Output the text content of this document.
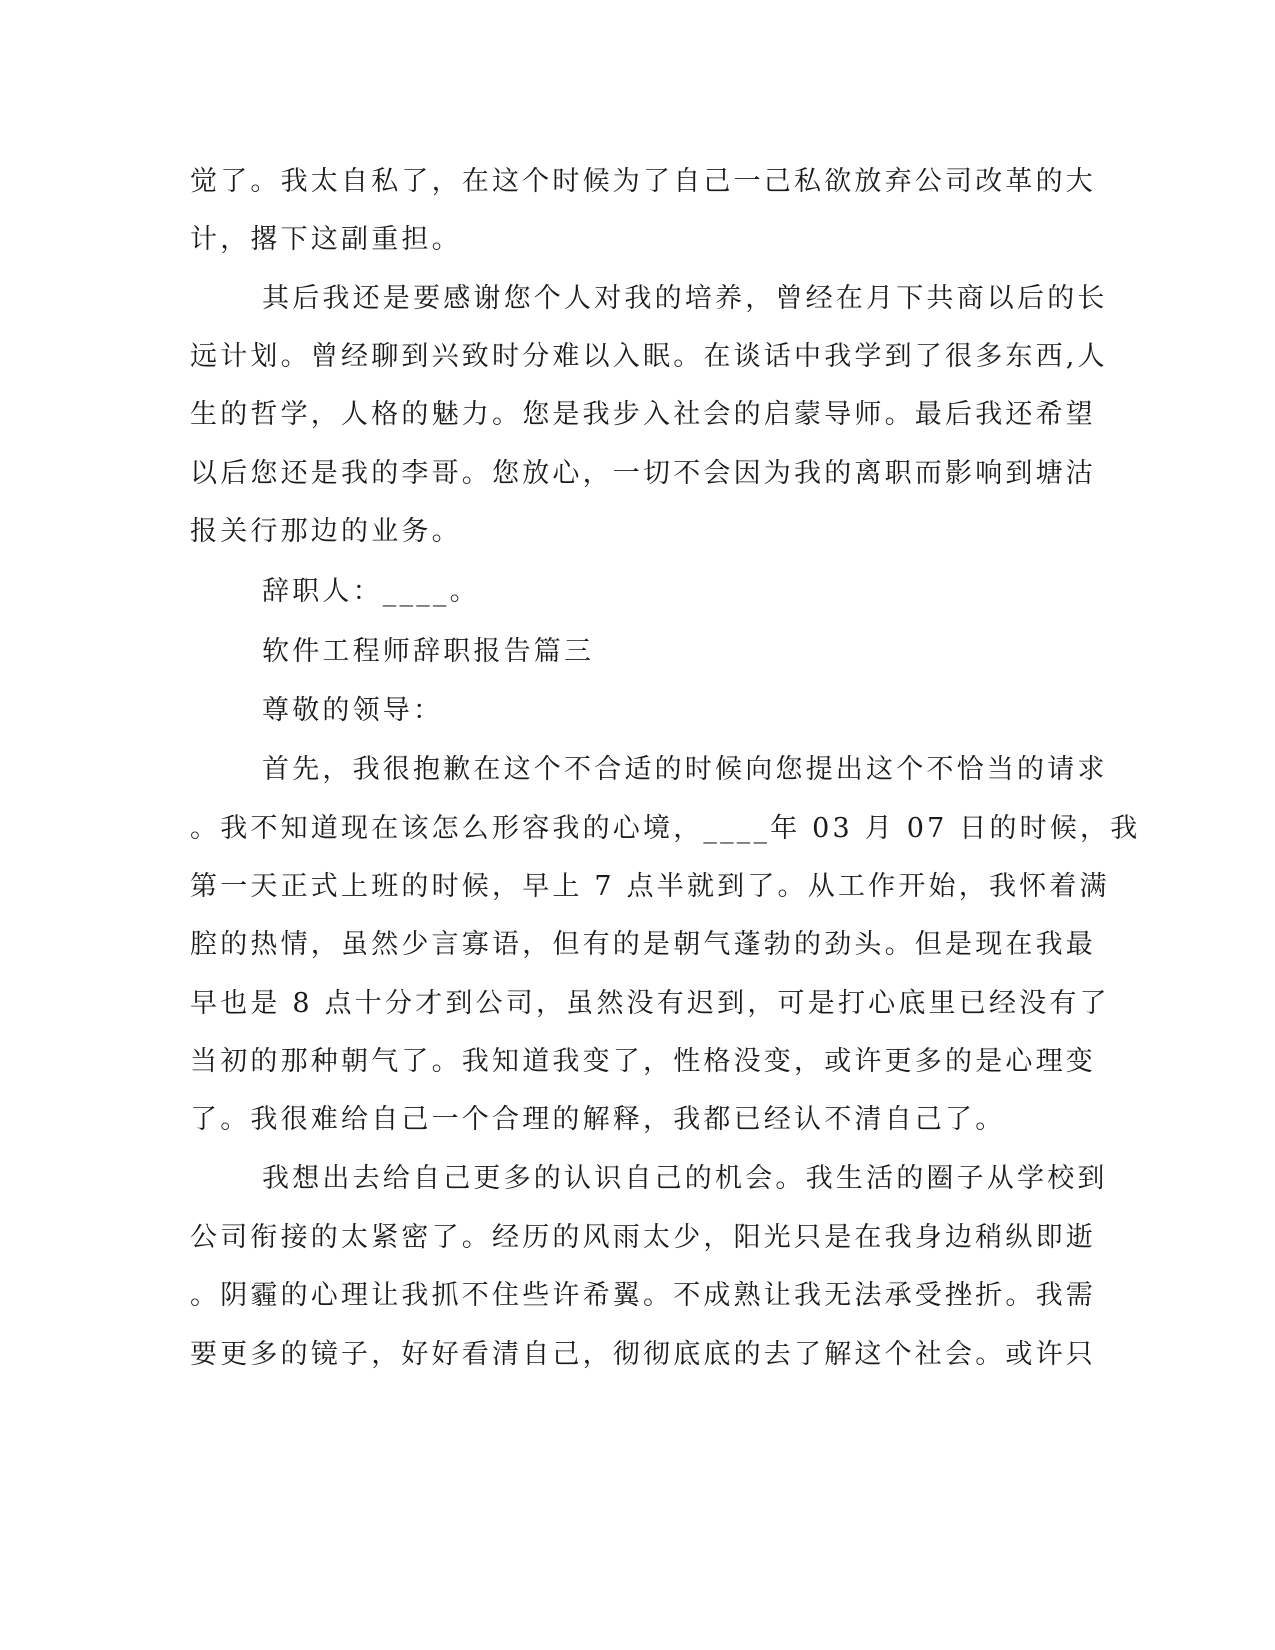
觉了。我太自私了，在这个时候为了自己一己私欲放弃公司改革的大
计，撂下这副重担。
其后我还是要感谢您个人对我的培养，曾经在月下共商以后的长
远计划。曾经聊到兴致时分难以入眠。在谈话中我学到了很多东西,人
生的哲学，人格的魅力。您是我步入社会的启蒙导师。最后我还希望
以后您还是我的李哥。您放心，一切不会因为我的离职而影响到塘沽
报关行那边的业务。
辞职人：____。
软件工程师辞职报告篇三
尊敬的领导：
首先，我很抱歉在这个不合适的时候向您提出这个不恰当的请求
。我不知道现在该怎么形容我的心境，____年 03 月 07 日的时候，我
第一天正式上班的时候，早上 7 点半就到了。从工作开始，我怀着满
腔的热情，虽然少言寡语，但有的是朝气蓬勃的劲头。但是现在我最
早也是 8 点十分才到公司，虽然没有迟到，可是打心底里已经没有了
当初的那种朝气了。我知道我变了，性格没变，或许更多的是心理变
了。我很难给自己一个合理的解释，我都已经认不清自己了。
我想出去给自己更多的认识自己的机会。我生活的圈子从学校到
公司衔接的太紧密了。经历的风雨太少，阳光只是在我身边稍纵即逝
。阴霾的心理让我抓不住些许希翼。不成熟让我无法承受挫折。我需
要更多的镜子，好好看清自己，彻彻底底的去了解这个社会。或许只
